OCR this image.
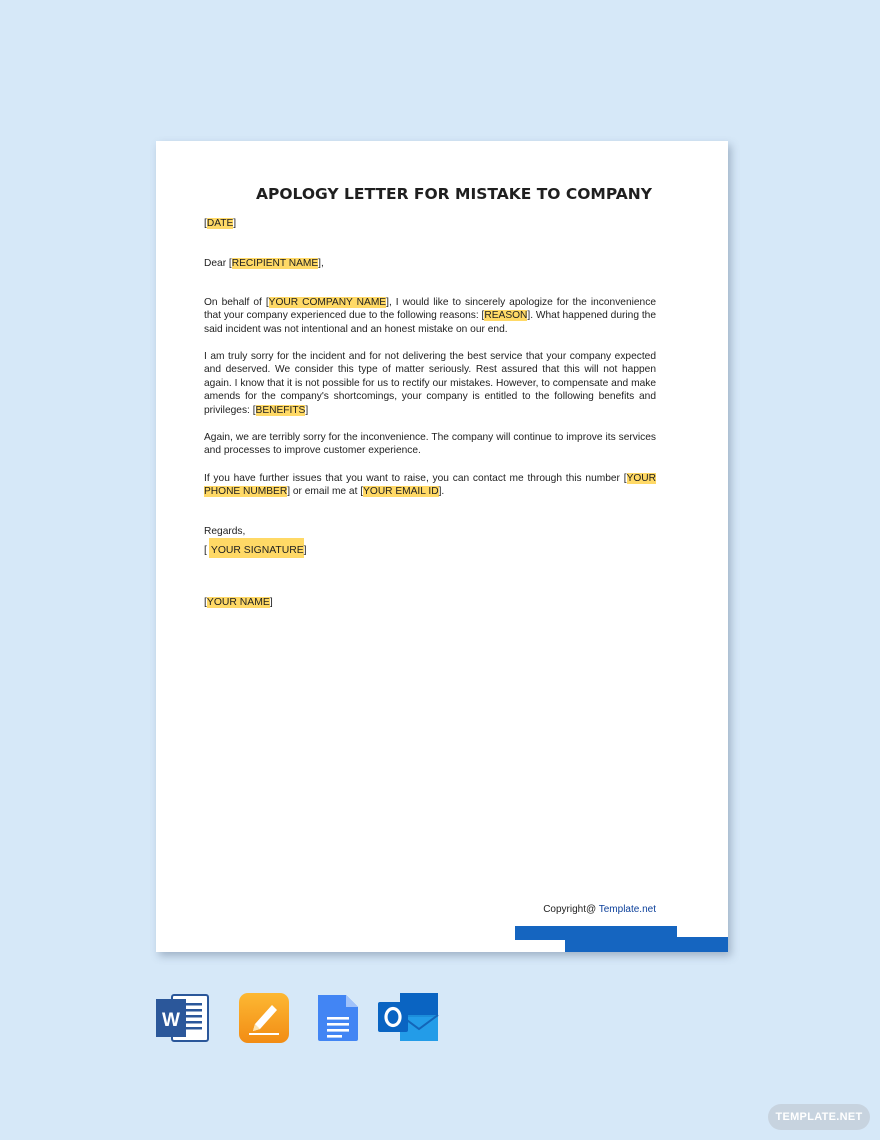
APOLOGY LETTER FOR MISTAKE TO COMPANY

[DATE]

Dear [RECIPIENT NAME],

On behalf of [YOUR COMPANY NAME], I would like to sincerely apologize for the inconvenience that your company experienced due to the following reasons: [REASON]. What happened during the said incident was not intentional and an honest mistake on our end.

I am truly sorry for the incident and for not delivering the best service that your company expected and deserved. We consider this type of matter seriously. Rest assured that this will not happen again. I know that it is not possible for us to rectify our mistakes. However, to compensate and make amends for the company's shortcomings, your company is entitled to the following benefits and privileges: [BENEFITS]

Again, we are terribly sorry for the inconvenience. The company will continue to improve its services and processes to improve customer experience.

If you have further issues that you want to raise, you can contact me through this number [YOUR PHONE NUMBER] or email me at [YOUR EMAIL ID].

Regards,

[ YOUR SIGNATURE]

[YOUR NAME]

Copyright@ Template.net
W
TEMPLATE.NET
